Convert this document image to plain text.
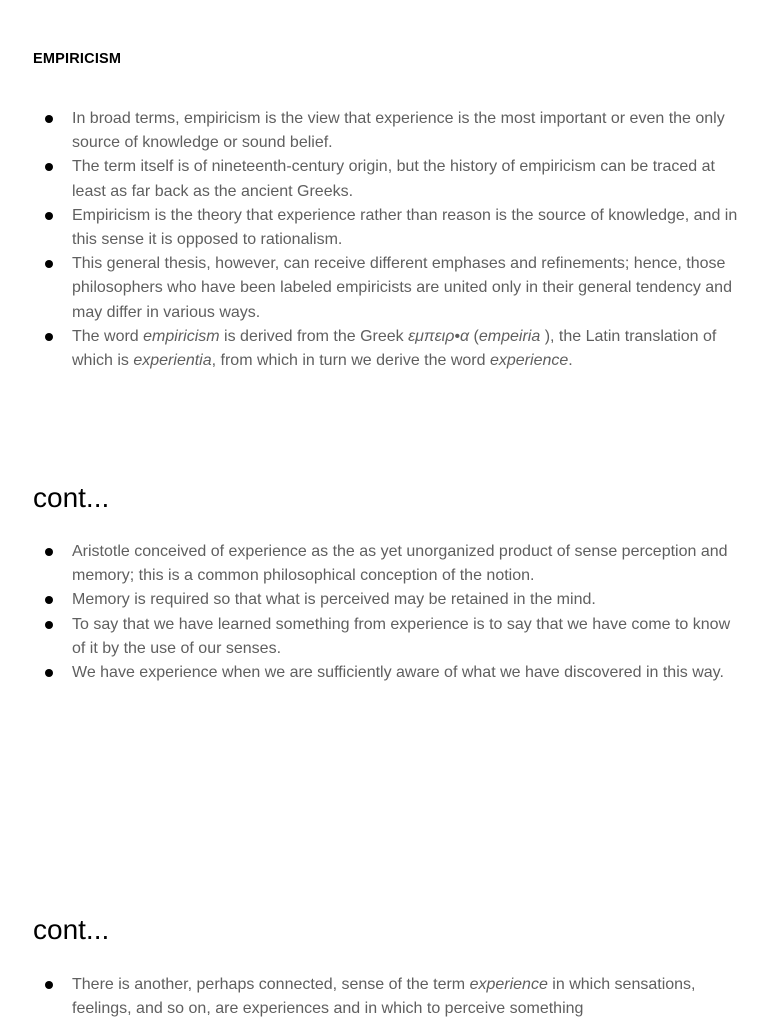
EMPIRICISM
In broad terms, empiricism is the view that experience is the most important or even the only source of knowledge or sound belief.
The term itself is of nineteenth-century origin, but the history of empiricism can be traced at least as far back as the ancient Greeks.
Empiricism is the theory that experience rather than reason is the source of knowledge, and in this sense it is opposed to rationalism.
This general thesis, however, can receive different emphases and refinements; hence, those philosophers who have been labeled empiricists are united only in their general tendency and may differ in various ways.
The word empiricism is derived from the Greek εμπειρ•α (empeiria ), the Latin translation of which is experientia, from which in turn we derive the word experience.
cont...
Aristotle conceived of experience as the as yet unorganized product of sense perception and memory; this is a common philosophical conception of the notion.
Memory is required so that what is perceived may be retained in the mind.
To say that we have learned something from experience is to say that we have come to know of it by the use of our senses.
We have experience when we are sufficiently aware of what we have discovered in this way.
cont...
There is another, perhaps connected, sense of the term experience in which sensations, feelings, and so on, are experiences and in which to perceive something
